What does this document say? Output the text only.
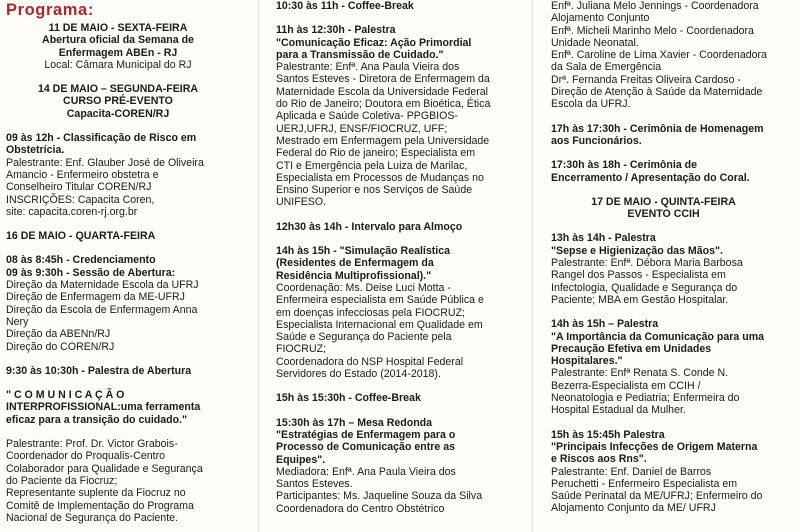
Programa:
11 DE MAIO - SEXTA-FEIRA
Abertura oficial da Semana de
Enfermagem ABEn - RJ
Local: Câmara Municipal do RJ
14 DE MAIO – SEGUNDA-FEIRA
CURSO PRÉ-EVENTO
Capacita-COREN/RJ
09 às 12h - Classificação de Risco em
Obstetrícia.
Palestrante: Enf. Glauber José de Oliveira
Amancio - Enfermeiro obstetra e
Conselheiro Titular COREN/RJ
INSCRIÇÕES: Capacita Coren,
site: capacita.coren-rj.org.br
16 DE MAIO - QUARTA-FEIRA
08 às 8:45h - Credenciamento
09 às 9:30h - Sessão de Abertura:
Direção da Maternidade Escola da UFRJ
Direção de Enfermagem da ME-UFRJ
Direção da Escola de Enfermagem Anna
Nery
Direção da ABENn/RJ
Direção do COREN/RJ
9:30 às 10:30h - Palestra de Abertura
" C O M U N I C A Ç Ã O
INTERPROFISSIONAL:uma ferramenta
eficaz para a transição do cuidado."
Palestrante: Prof. Dr. Victor Grabois-
Coordenador do Proqualis-Centro
Colaborador para Qualidade e Segurança
do Paciente da Fiocruz;
Representante suplente da Fiocruz no
Comitê de Implementação do Programa
Nacional de Segurança do Paciente.
10:30 às 11h - Coffee-Break
11h às 12:30h - Palestra
"Comunicação Eficaz: Ação Primordial
para a Transmissão de Cuidado."
Palestrante: Enfª. Ana Paula Vieira dos
Santos Esteves - Diretora de Enfermagem da
Maternidade Escola da Universidade Federal
do Rio de Janeiro; Doutora em Bioética, Ética
Aplicada e Saúde Coletiva- PPGBIOS-
UERJ,UFRJ, ENSF/FIOCRUZ, UFF;
Mestrado em Enfermagem pela Universidade
Federal do Rio de janeiro; Especialista em
CTI e Emergência pela Luiza de Marilac,
Especialista em Processos de Mudanças no
Ensino Superior e nos Serviços de Saúde
UNIFESO.
12h30 às 14h - Intervalo para Almoço
14h às 15h - "Simulação Realística
(Residentes de Enfermagem da
Residência Multiprofissional)."
Coordenação: Ms. Deise Luci Motta -
Enfermeira especialista em Saúde Pública e
em doenças infecciosas pela FIOCRUZ;
Especialista Internacional em Qualidade em
Saúde e Segurança do Paciente pela
FIOCRUZ;
Coordenadora do NSP Hospital Federal
Servidores do Estado (2014-2018).
15h às 15:30h - Coffee-Break
15:30h às 17h – Mesa Redonda
"Estratégias de Enfermagem para o
Processo de Comunicação entre as
Equipes".
Mediadora: Enfª. Ana Paula Vieira dos
Santos Esteves.
Participantes: Ms. Jaqueline Souza da Silva
Coordenadora do Centro Obstétrico
Enfª. Juliana Melo Jennings - Coordenadora
Alojamento Conjunto
Enfª. Micheli Marinho Melo - Coordenadora
Unidade Neonatal.
Enfª. Caroline de Lima Xavier - Coordenadora
da Sala de Emergência
Drª. Fernanda Freitas Oliveira Cardoso -
Direção de Atenção à Saúde da Maternidade
Escola da UFRJ.
17h às 17:30h - Cerimônia de Homenagem
aos Funcionários.
17:30h às 18h - Cerimônia de
Encerramento / Apresentação do Coral.
17 DE MAIO - QUINTA-FEIRA
EVENTO CCIH
13h às 14h - Palestra
"Sepse e Higienização das Mãos".
Palestrante: Enfª. Débora Maria Barbosa
Rangel dos Passos - Especialista em
Infectologia, Qualidade e Segurança do
Paciente; MBA em Gestão Hospitalar.
14h às 15h – Palestra
"A Importância da Comunicação para uma
Precaução Efetiva em Unidades
Hospitalares."
Palestrante: Enfª Renata S. Conde N.
Bezerra-Especialista em CCIH /
Neonatologia e Pediatria; Enfermeira do
Hospital Estadual da Mulher.
15h às 15:45h Palestra
"Principais Infecções de Origem Materna
e Riscos aos Rns".
Palestrante: Enf. Daniel de Barros
Peruchetti - Enfermeiro Especialista em
Saúde Perinatal da ME/UFRJ; Enfermeiro do
Alojamento Conjunto da ME/ UFRJ
